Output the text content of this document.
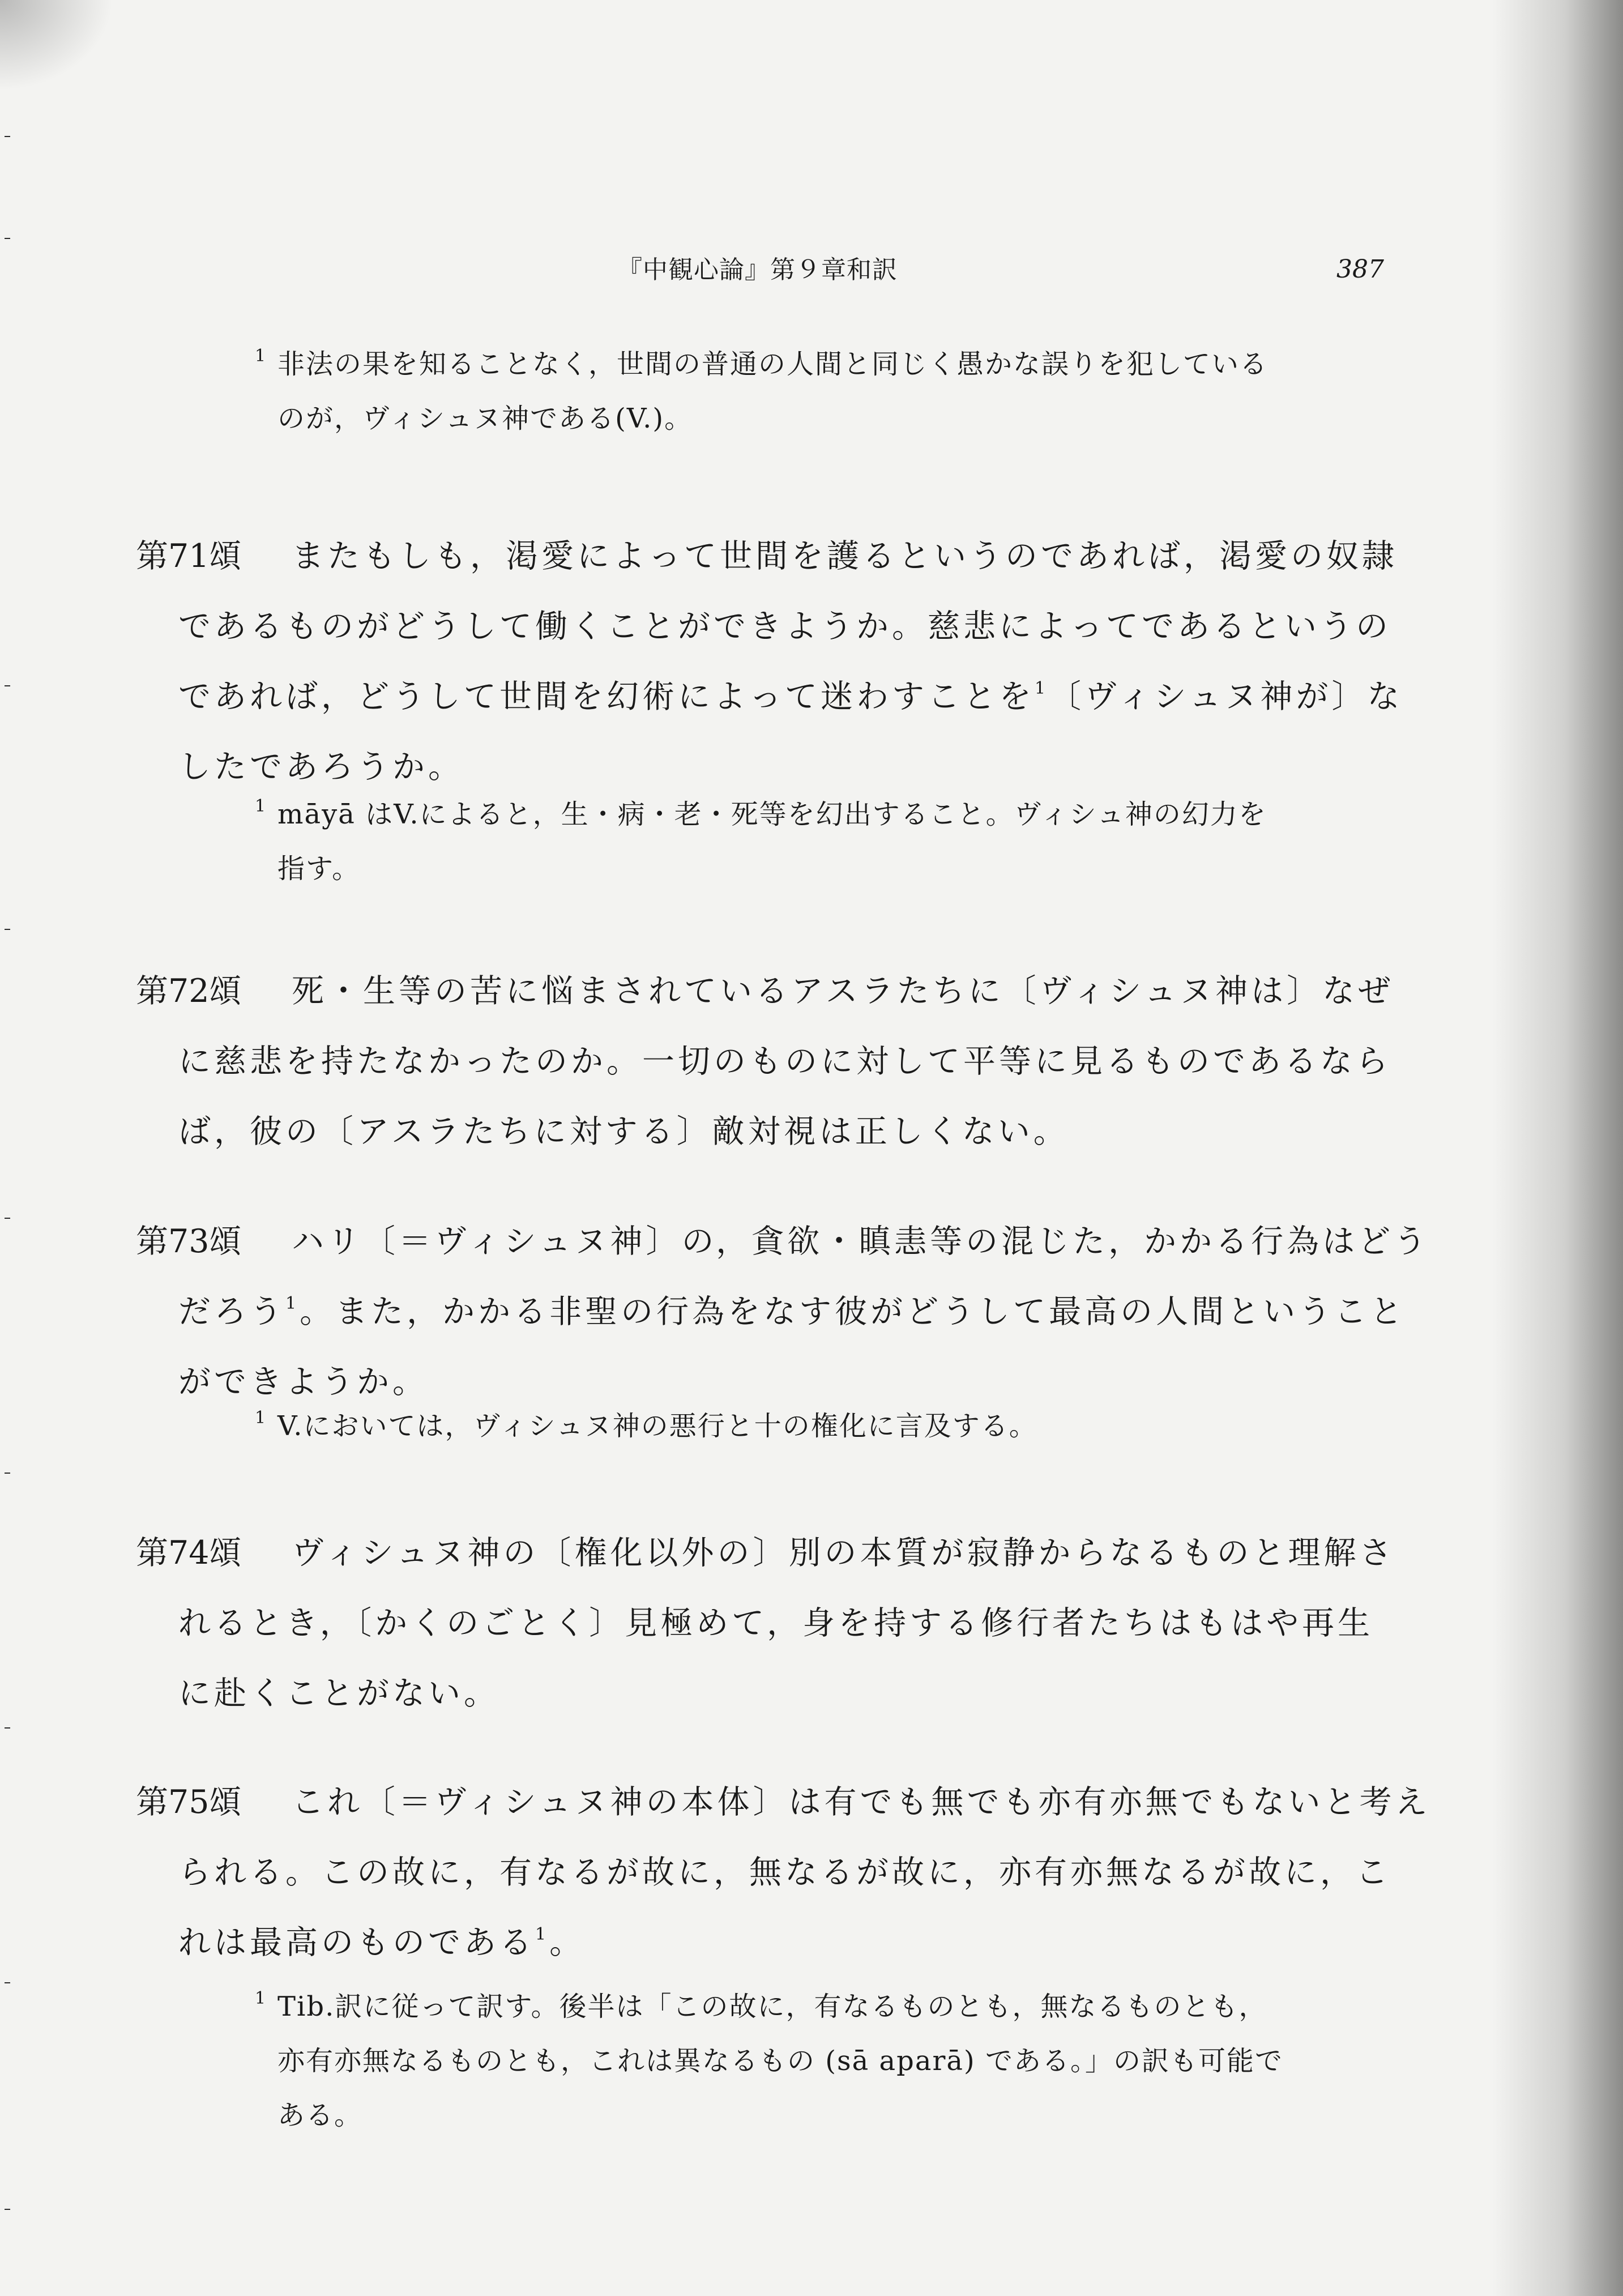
『中観心論』第９章和訳	387
1 非法の果を知ることなく，世間の普通の人間と同じく愚かな誤りを犯している
のが，ヴィシュヌ神である(V.)。
第71頌 またもしも，渇愛によって世間を護るというのであれば，渇愛の奴隷
であるものがどうして働くことができようか。慈悲によってであるというの
であれば，どうして世間を幻術によって迷わすことを$^1$〔ヴィシュヌ神が〕な
したであろうか。
1 māyā はV.によると，生・病・老・死等を幻出すること。ヴィシュ神の幻力を
指す。
第72頌 死・生等の苦に悩まされているアスラたちに〔ヴィシュヌ神は〕なぜ
に慈悲を持たなかったのか。一切のものに対して平等に見るものであるなら
ば，彼の〔アスラたちに対する〕敵対視は正しくない。
第73頌 ハリ〔＝ヴィシュヌ神〕の，貪欲・瞋恚等の混じた，かかる行為はどう
だろう$^1$。また，かかる非聖の行為をなす彼がどうして最高の人間ということ
ができようか。
1 V.においては，ヴィシュヌ神の悪行と十の権化に言及する。
第74頌 ヴィシュヌ神の〔権化以外の〕別の本質が寂静からなるものと理解さ
れるとき，〔かくのごとく〕見極めて，身を持する修行者たちはもはや再生
に赴くことがない。
第75頌 これ〔＝ヴィシュヌ神の本体〕は有でも無でも亦有亦無でもないと考え
られる。この故に，有なるが故に，無なるが故に，亦有亦無なるが故に，こ
れは最高のものである$^1$。
1 Tib.訳に従って訳す。後半は「この故に，有なるものとも，無なるものとも，
亦有亦無なるものとも，これは異なるもの (sā aparā) である。」の訳も可能で
ある。
